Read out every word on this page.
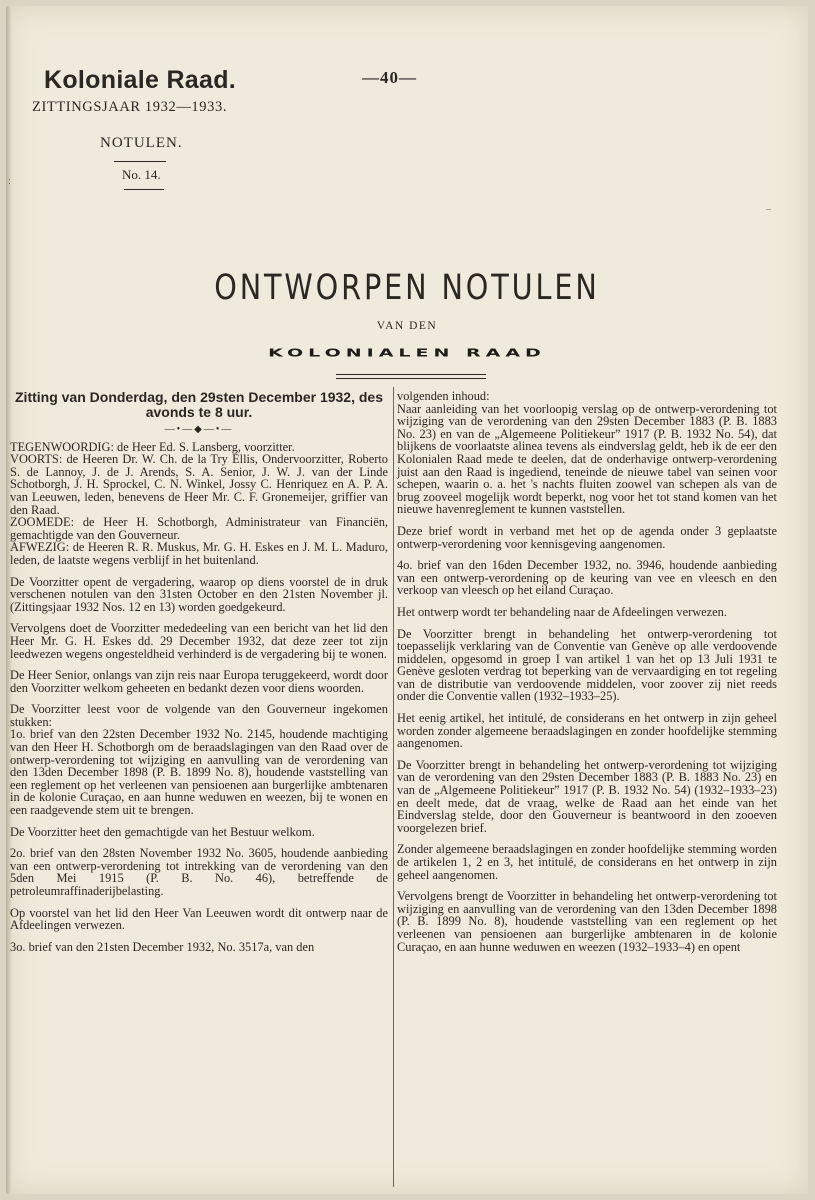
Koloniale Raad.
ZITTINGSJAAR 1932—1933.
—40—
NOTULEN.
No. 14.
:
–
ONTWORPEN NOTULEN
VAN DEN
KOLONIALEN RAAD

Zitting van Donderdag, den 29sten December 1932, des avonds te 8 uur.

—•—◆—•—

TEGENWOORDIG: de Heer Ed. S. Lansberg, voorzitter.

VOORTS: de Heeren Dr. W. Ch. de la Try Ellis, Ondervoorzitter, Roberto S. de Lannoy, J. de J. Arends, S. A. Senior, J. W. J. van der Linde Schotborgh, J. H. Sprockel, C. N. Winkel, Jossy C. Henriquez en A. P. A. van Leeuwen, leden, benevens de Heer Mr. C. F. Gronemeijer, griffier van den Raad.

ZOOMEDE: de Heer H. Schotborgh, Administrateur van Financiën, gemachtigde van den Gouverneur.

AFWEZIG: de Heeren R. R. Muskus, Mr. G. H. Eskes en J. M. L. Maduro, leden, de laatste wegens verblijf in het buitenland.

De Voorzitter opent de vergadering, waarop op diens voorstel de in druk verschenen notulen van den 31sten October en den 21sten November jl. (Zittingsjaar 1932 Nos. 12 en 13) worden goedgekeurd.

Vervolgens doet de Voorzitter mededeeling van een bericht van het lid den Heer Mr. G. H. Eskes dd. 29 December 1932, dat deze zeer tot zijn leedwezen wegens ongesteldheid verhinderd is de vergadering bij te wonen.

De Heer Senior, onlangs van zijn reis naar Europa teruggekeerd, wordt door den Voorzitter welkom geheeten en bedankt dezen voor diens woorden.

De Voorzitter leest voor de volgende van den Gouverneur ingekomen stukken:

1o. brief van den 22sten December 1932 No. 2145, houdende machtiging van den Heer H. Schotborgh om de beraadslagingen van den Raad over de ontwerp-verordening tot wijziging en aanvulling van de verordening van den 13den December 1898 (P. B. 1899 No. 8), houdende vaststelling van een reglement op het verleenen van pensioenen aan burgerlijke ambtenaren in de kolonie Curaçao, en aan hunne weduwen en weezen, bij te wonen en een raadgevende stem uit te brengen.

De Voorzitter heet den gemachtigde van het Bestuur welkom.

2o. brief van den 28sten November 1932 No. 3605, houdende aanbieding van een ontwerp-verordening tot intrekking van de verordening van den 5den Mei 1915 (P. B. No. 46), betreffende de petroleumraffinaderijbelasting.

Op voorstel van het lid den Heer Van Leeuwen wordt dit ontwerp naar de Afdeelingen verwezen.

3o. brief van den 21sten December 1932, No. 3517a, van den

volgenden inhoud:

Naar aanleiding van het voorloopig verslag op de ontwerp-verordening tot wijziging van de verordening van den 29sten December 1883 (P. B. 1883 No. 23) en van de „Algemeene Politiekeur” 1917 (P. B. 1932 No. 54), dat blijkens de voorlaatste alinea tevens als eindverslag geldt, heb ik de eer den Kolonialen Raad mede te deelen, dat de onderhavige ontwerp-verordening juist aan den Raad is ingediend, teneinde de nieuwe tabel van seinen voor schepen, waarin o. a. het 's nachts fluiten zoowel van schepen als van de brug zooveel mogelijk wordt beperkt, nog voor het tot stand komen van het nieuwe havenreglement te kunnen vaststellen.

Deze brief wordt in verband met het op de agenda onder 3 geplaatste ontwerp-verordening voor kennisgeving aangenomen.

4o. brief van den 16den December 1932, no. 3946, houdende aanbieding van een ontwerp-verordening op de keuring van vee en vleesch en den verkoop van vleesch op het eiland Curaçao.

Het ontwerp wordt ter behandeling naar de Afdeelingen verwezen.

De Voorzitter brengt in behandeling het ontwerp-verordening tot toepasselijk verklaring van de Conventie van Genève op alle verdoovende middelen, opgesomd in groep I van artikel 1 van het op 13 Juli 1931 te Genève gesloten verdrag tot beperking van de vervaardiging en tot regeling van de distributie van verdoovende middelen, voor zoover zij niet reeds onder die Conventie vallen (1932–1933–25).

Het eenig artikel, het intitulé, de considerans en het ontwerp in zijn geheel worden zonder algemeene beraadslagingen en zonder hoofdelijke stemming aangenomen.

De Voorzitter brengt in behandeling het ontwerp-verordening tot wijziging van de verordening van den 29sten December 1883 (P. B. 1883 No. 23) en van de „Algemeene Politiekeur” 1917 (P. B. 1932 No. 54) (1932–1933–23) en deelt mede, dat de vraag, welke de Raad aan het einde van het Eindverslag stelde, door den Gouverneur is beantwoord in den zooeven voorgelezen brief.

Zonder algemeene beraadslagingen en zonder hoofdelijke stemming worden de artikelen 1, 2 en 3, het intitulé, de considerans en het ontwerp in zijn geheel aangenomen.

Vervolgens brengt de Voorzitter in behandeling het ontwerp-verordening tot wijziging en aanvulling van de verordening van den 13den December 1898 (P. B. 1899 No. 8), houdende vaststelling van een reglement op het verleenen van pensioenen aan burgerlijke ambtenaren in de kolonie Curaçao, en aan hunne weduwen en weezen (1932–1933–4) en opent
